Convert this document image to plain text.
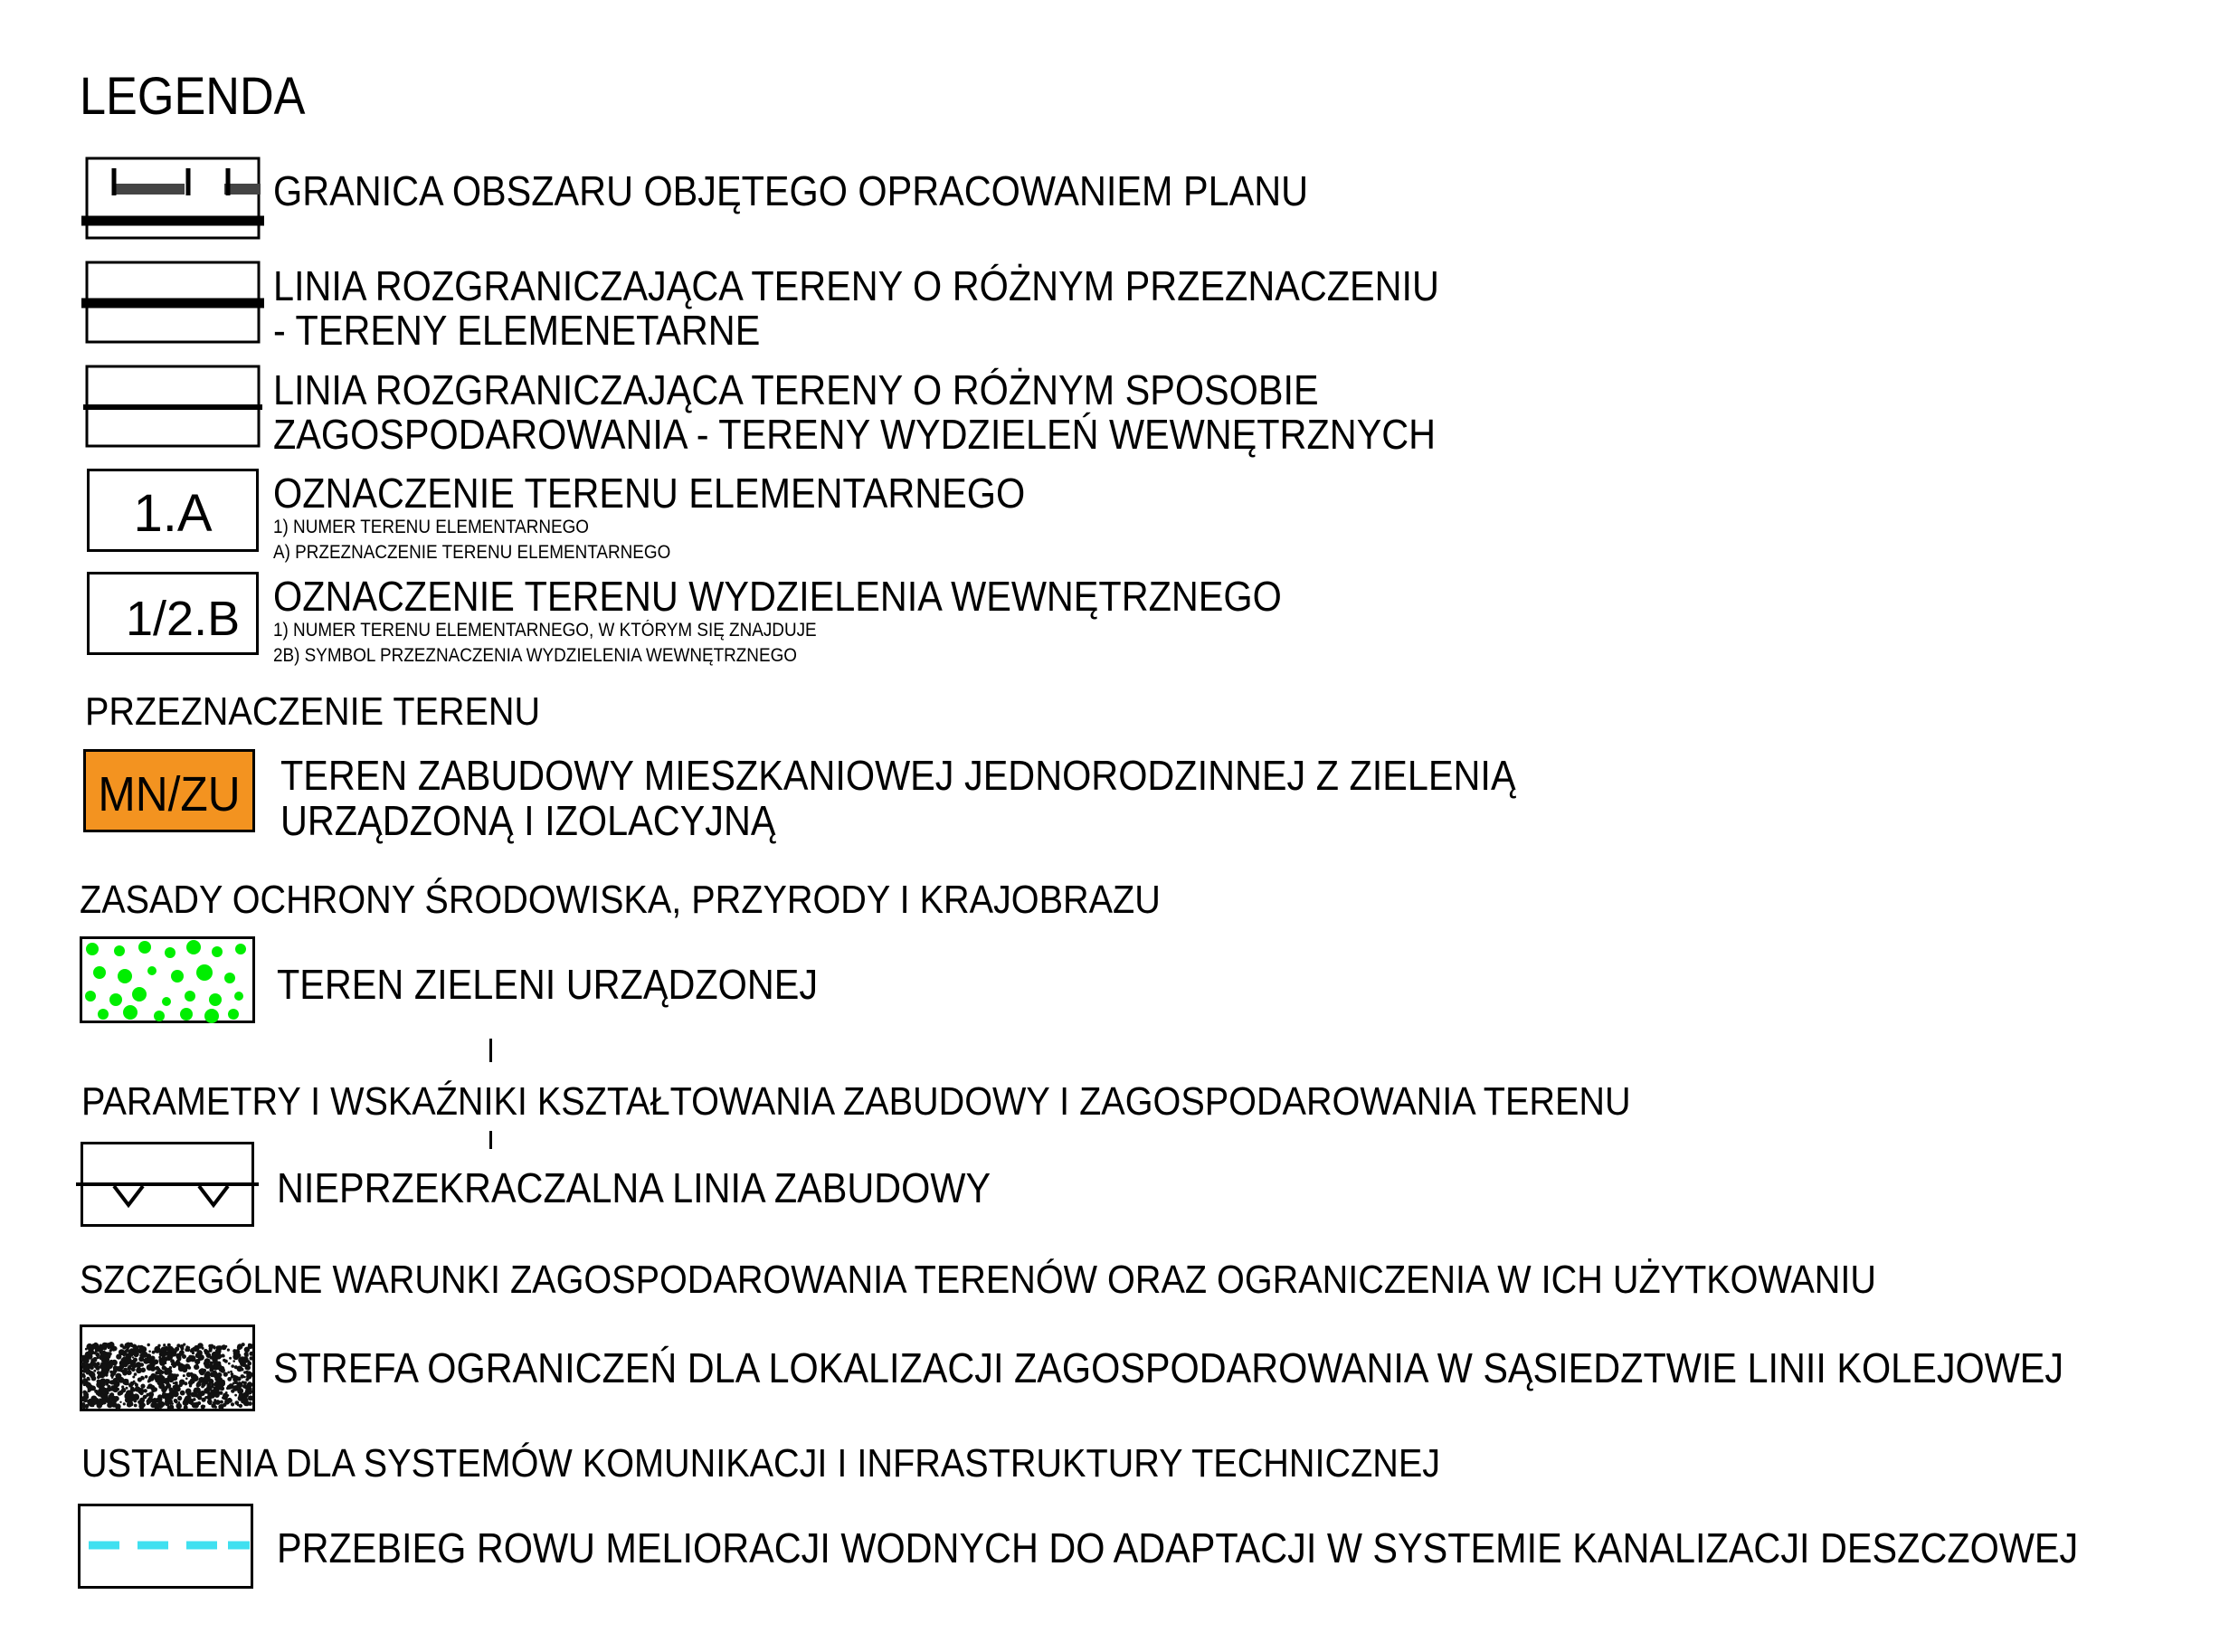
LEGENDA
GRANICA OBSZARU OBJĘTEGO OPRACOWANIEM PLANU
LINIA ROZGRANICZAJĄCA TERENY O RÓŻNYM PRZEZNACZENIU
- TERENY ELEMENETARNE
LINIA ROZGRANICZAJĄCA TERENY O RÓŻNYM SPOSOBIE
ZAGOSPODAROWANIA - TERENY WYDZIELEŃ WEWNĘTRZNYCH
1.A	OZNACZENIE TERENU ELEMENTARNEGO
1) NUMER TERENU ELEMENTARNEGO
A) PRZEZNACZENIE TERENU ELEMENTARNEGO
1/2.B OZNACZENIE TERENU WYDZIELENIA WEWNĘTRZNEGO
1) NUMER TERENU ELEMENTARNEGO, W KTÓRYM SIĘ ZNAJDUJE
2B) SYMBOL PRZEZNACZENIA WYDZIELENIA WEWNĘTRZNEGO
PRZEZNACZENIE TERENU
MN/ZU TEREN ZABUDOWY MIESZKANIOWEJ JEDNORODZINNEJ Z ZIELENIĄ
URZĄDZONĄ I IZOLACYJNĄ
ZASADY OCHRONY ŚRODOWISKA, PRZYRODY I KRAJOBRAZU
TEREN ZIELENI URZĄDZONEJ
PARAMETRY I WSKAŹNIKI KSZTAŁTOWANIA ZABUDOWY I ZAGOSPODAROWANIA TERENU
NIEPRZEKRACZALNA LINIA ZABUDOWY
SZCZEGÓLNE WARUNKI ZAGOSPODAROWANIA TERENÓW ORAZ OGRANICZENIA W ICH UŻYTKOWANIU
STREFA OGRANICZEŃ DLA LOKALIZACJI ZAGOSPODAROWANIA W SĄSIEDZTWIE LINII KOLEJOWEJ
USTALENIA DLA SYSTEMÓW KOMUNIKACJI I INFRASTRUKTURY TECHNICZNEJ
PRZEBIEG ROWU MELIORACJI WODNYCH DO ADAPTACJI W SYSTEMIE KANALIZACJI DESZCZOWEJ
